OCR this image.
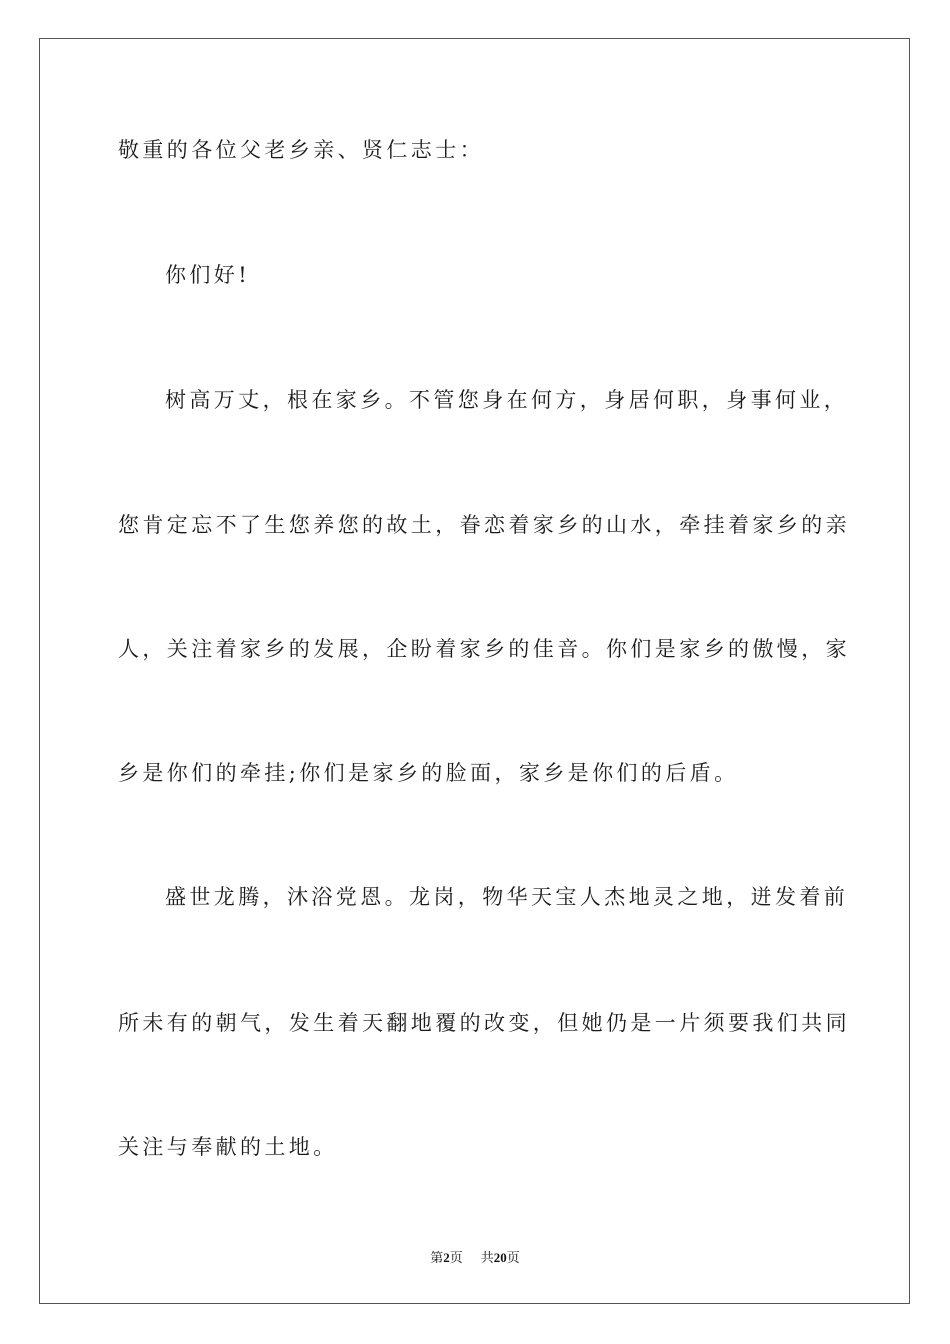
敬重的各位父老乡亲、贤仁志士：
你们好!
树高万丈，根在家乡。不管您身在何方，身居何职，身事何业，
您肯定忘不了生您养您的故土，眷恋着家乡的山水，牵挂着家乡的亲
人，关注着家乡的发展，企盼着家乡的佳音。你们是家乡的傲慢，家
乡是你们的牵挂;你们是家乡的脸面，家乡是你们的后盾。
盛世龙腾，沐浴党恩。龙岗，物华天宝人杰地灵之地，迸发着前
所未有的朝气，发生着天翻地覆的改变，但她仍是一片须要我们共同
关注与奉献的土地。
第2页 共20页
